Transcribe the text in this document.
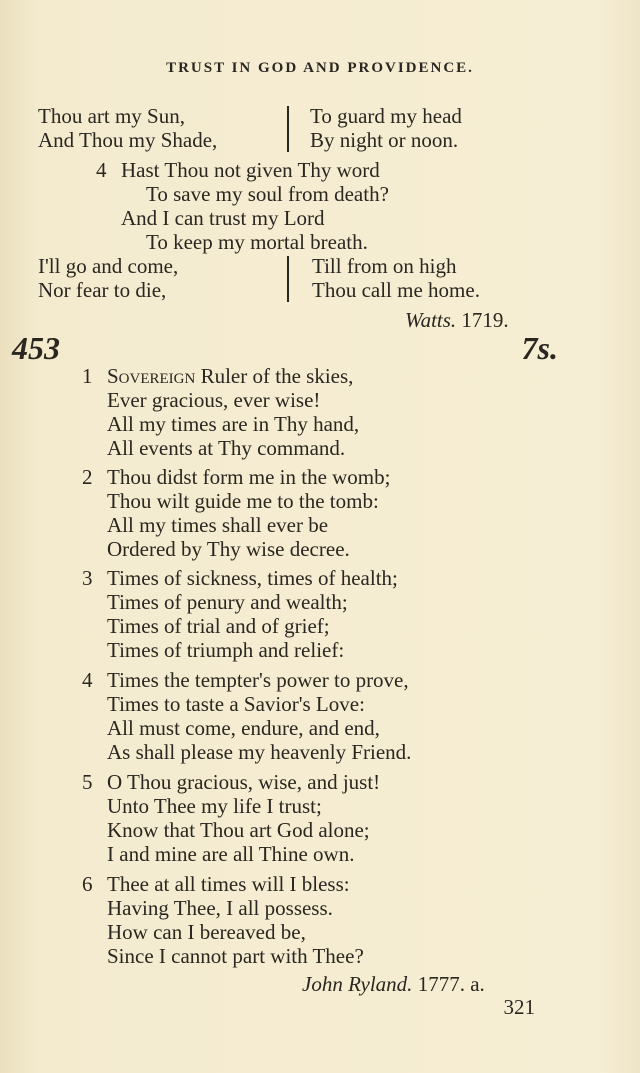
TRUST IN GOD AND PROVIDENCE.
Thou art my Sun,
And Thou my Shade,
To guard my head
By night or noon.
4 Hast Thou not given Thy word
To save my soul from death?
And I can trust my Lord
To keep my mortal breath.
I'll go and come,
Nor fear to die,
Till from on high
Thou call me home.
Watts. 1719.
453	7s.
1 Sovereign Ruler of the skies,
Ever gracious, ever wise!
All my times are in Thy hand,
All events at Thy command.
2 Thou didst form me in the womb;
Thou wilt guide me to the tomb:
All my times shall ever be
Ordered by Thy wise decree.
3 Times of sickness, times of health;
Times of penury and wealth;
Times of trial and of grief;
Times of triumph and relief:
4 Times the tempter's power to prove,
Times to taste a Savior's Love:
All must come, endure, and end,
As shall please my heavenly Friend.
5 O Thou gracious, wise, and just!
Unto Thee my life I trust;
Know that Thou art God alone;
I and mine are all Thine own.
6 Thee at all times will I bless:
Having Thee, I all possess.
How can I bereaved be,
Since I cannot part with Thee?
John Ryland. 1777. a.
321
